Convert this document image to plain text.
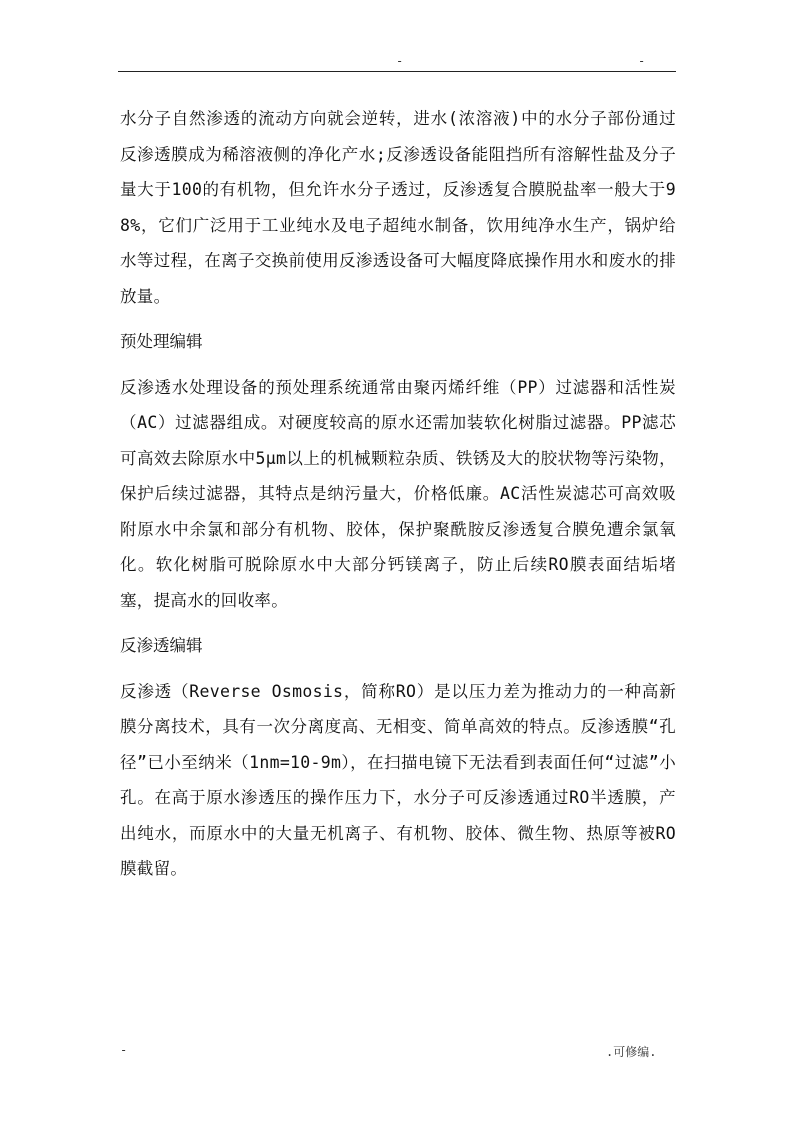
-	-

水分子自然渗透的流动方向就会逆转，进水(浓溶液)中的水分子部份通过反渗透膜成为稀溶液侧的净化产水;反渗透设备能阻挡所有溶解性盐及分子量大于100的有机物，但允许水分子透过，反渗透复合膜脱盐率一般大于98%，它们广泛用于工业纯水及电子超纯水制备，饮用纯净水生产，锅炉给水等过程，在离子交换前使用反渗透设备可大幅度降底操作用水和废水的排放量。

预处理编辑

反渗透水处理设备的预处理系统通常由聚丙烯纤维（PP）过滤器和活性炭（AC）过滤器组成。对硬度较高的原水还需加装软化树脂过滤器。PP滤芯可高效去除原水中5μm以上的机械颗粒杂质、铁锈及大的胶状物等污染物，保护后续过滤器，其特点是纳污量大，价格低廉。AC活性炭滤芯可高效吸附原水中余氯和部分有机物、胶体，保护聚酰胺反渗透复合膜免遭余氯氧化。软化树脂可脱除原水中大部分钙镁离子，防止后续RO膜表面结垢堵塞，提高水的回收率。

反渗透编辑

反渗透（Reverse Osmosis，简称RO）是以压力差为推动力的一种高新膜分离技术，具有一次分离度高、无相变、简单高效的特点。反渗透膜“孔径”已小至纳米（1nm=10-9m），在扫描电镜下无法看到表面任何“过滤”小孔。在高于原水渗透压的操作压力下，水分子可反渗透通过RO半透膜，产出纯水，而原水中的大量无机离子、有机物、胶体、微生物、热原等被RO膜截留。

-	.可修编.
